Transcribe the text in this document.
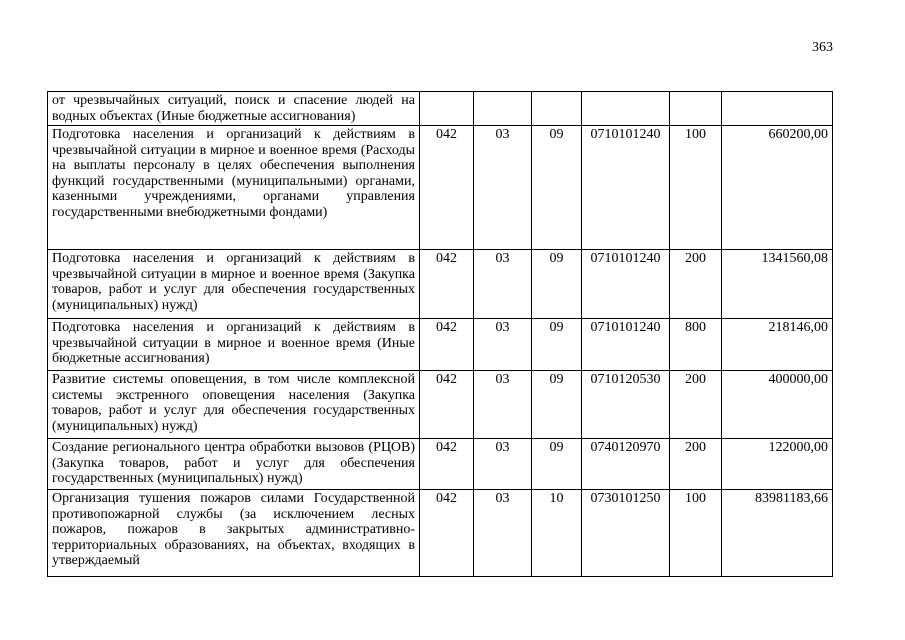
363
от чрезвычайных ситуаций, поиск и спасение людей на водных объектах (Иные бюджетные ассигнования)						
Подготовка населения и организаций к действиям в чрезвычайной ситуации в мирное и военное время (Расходы на выплаты персоналу в целях обеспечения выполнения функций государственными (муниципальными) органами, казенными учреждениями, органами управления государственными внебюджетными фондами)	042	03	09	0710101240	100	660200,00
Подготовка населения и организаций к действиям в чрезвычайной ситуации в мирное и военное время (Закупка товаров, работ и услуг для обеспечения государственных (муниципальных) нужд)	042	03	09	0710101240	200	1341560,08
Подготовка населения и организаций к действиям в чрезвычайной ситуации в мирное и военное время (Иные бюджетные ассигнования)	042	03	09	0710101240	800	218146,00
Развитие системы оповещения, в том числе комплексной системы экстренного оповещения населения (Закупка товаров, работ и услуг для обеспечения государственных (муниципальных) нужд)	042	03	09	0710120530	200	400000,00
Создание регионального центра обработки вызовов (РЦОВ) (Закупка товаров, работ и услуг для обеспечения государственных (муниципальных) нужд)	042	03	09	0740120970	200	122000,00
Организация тушения пожаров силами Государственной противопожарной службы (за исключением лесных пожаров, пожаров в закрытых административно-территориальных образованиях, на объектах, входящих в утверждаемый	042	03	10	0730101250	100	83981183,66
